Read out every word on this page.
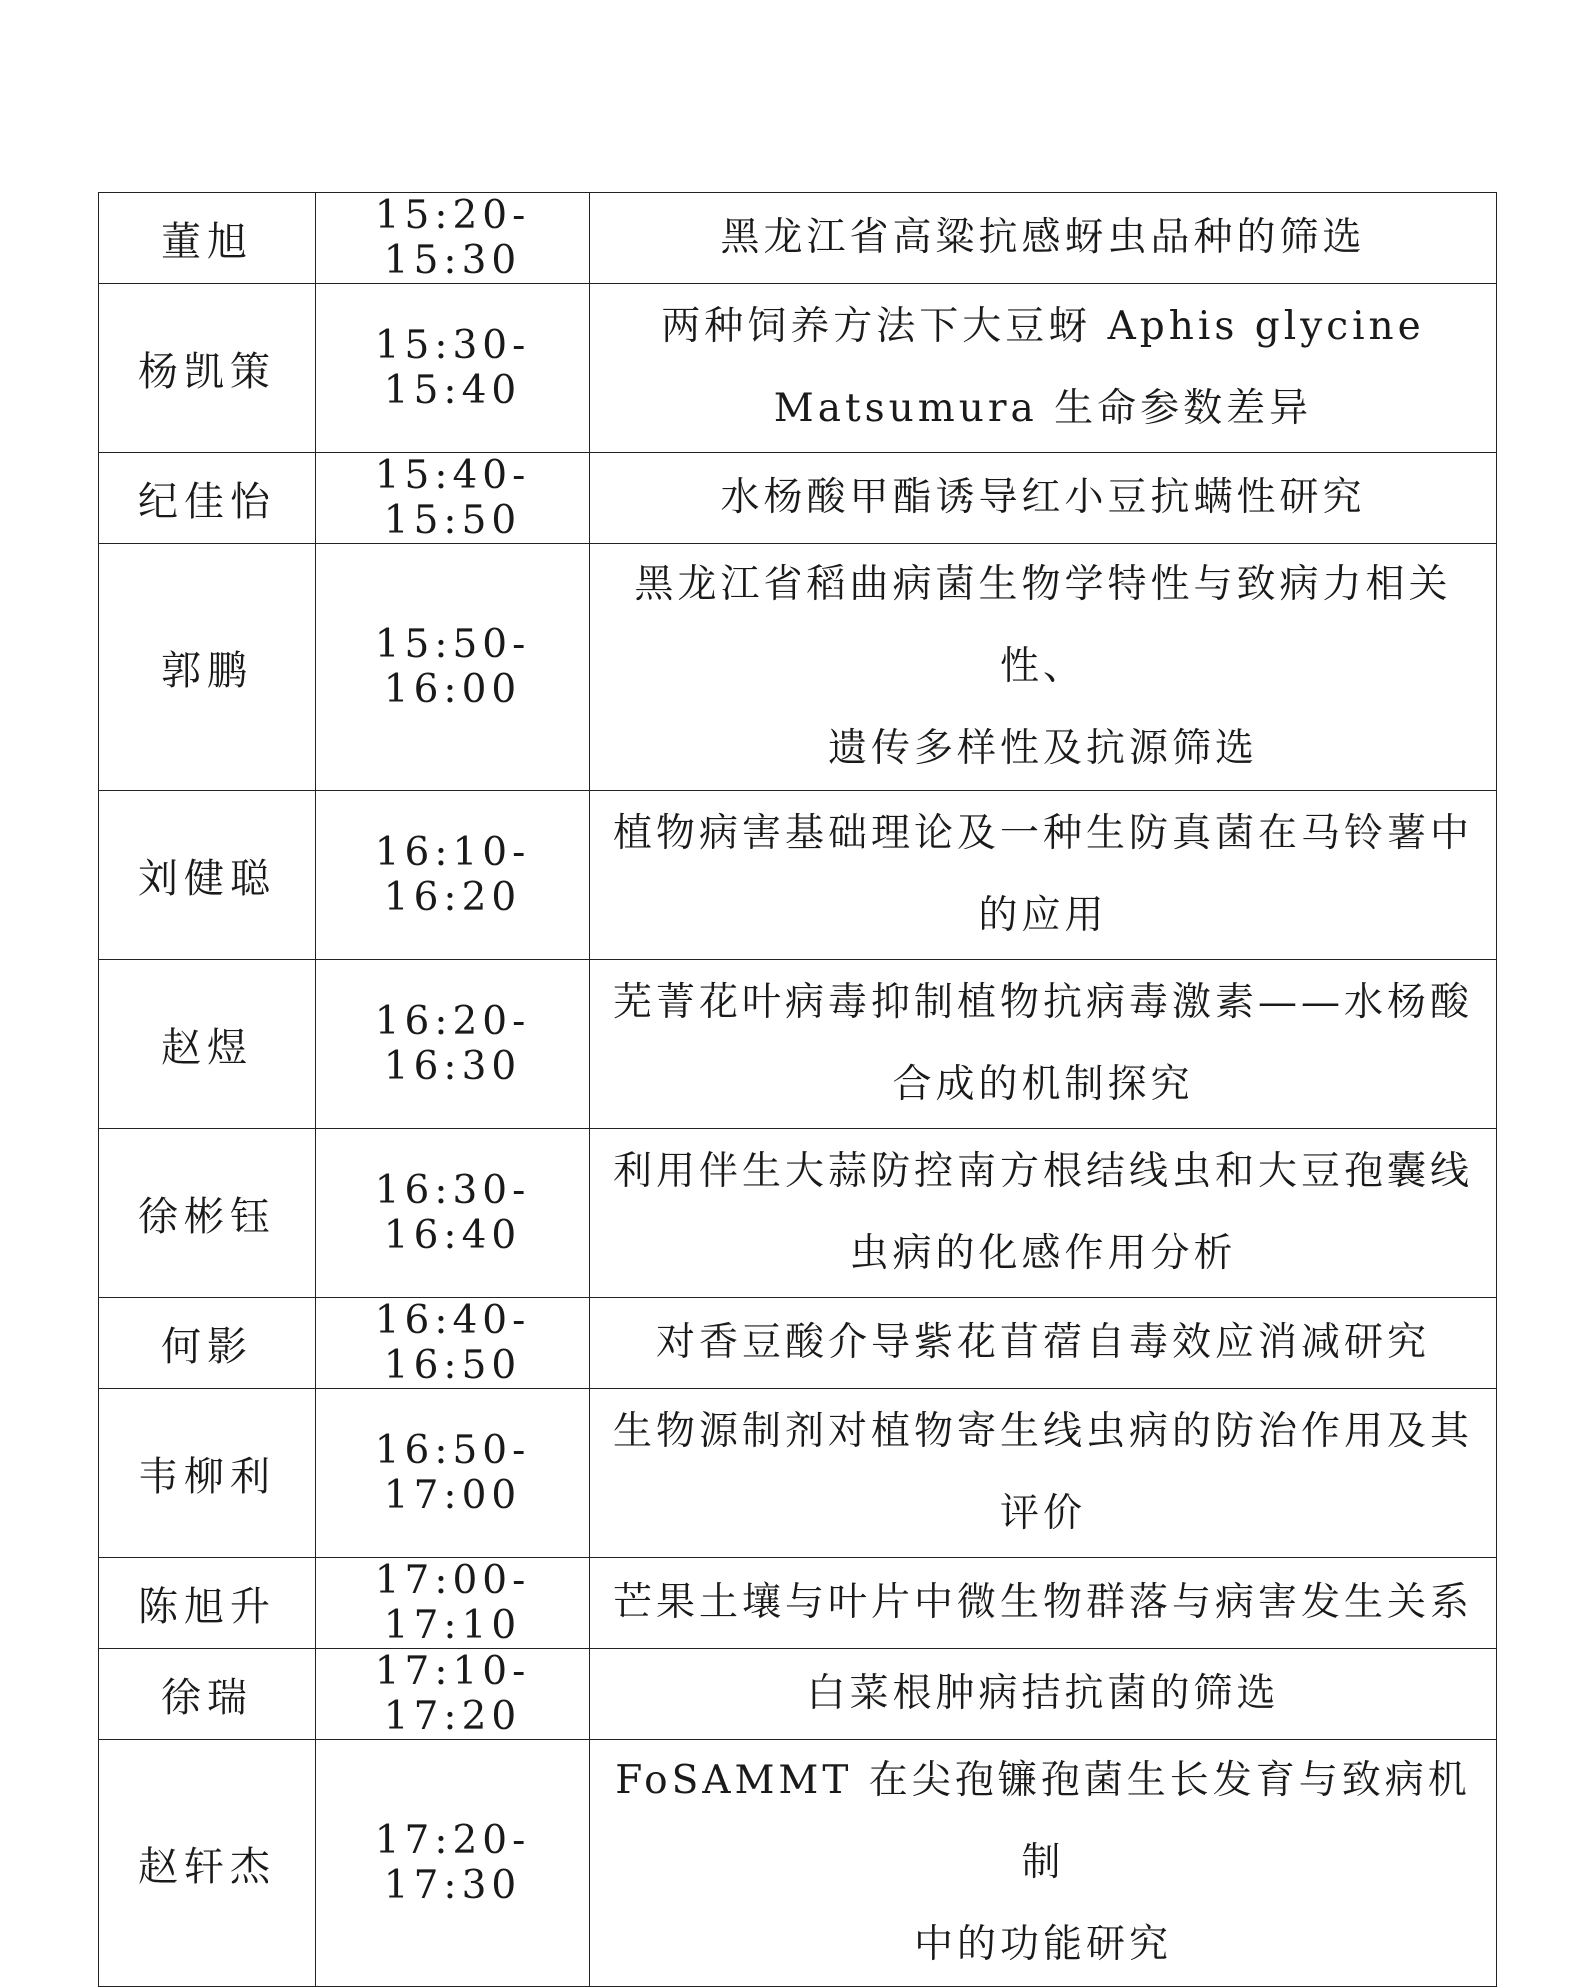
董旭	15:20-15:30	黑龙江省高粱抗感蚜虫品种的筛选

杨凯策	15:30-15:40	两种饲养方法下大豆蚜 Aphis glycine
Matsumura 生命参数差异

纪佳怡	15:40-15:50	水杨酸甲酯诱导红小豆抗螨性研究

郭鹏	15:50-16:00	黑龙江省稻曲病菌生物学特性与致病力相关性、
遗传多样性及抗源筛选

刘健聪	16:10-16:20	植物病害基础理论及一种生防真菌在马铃薯中
的应用

赵煜	16:20-16:30	芜菁花叶病毒抑制植物抗病毒激素——水杨酸
合成的机制探究

徐彬钰	16:30-16:40	利用伴生大蒜防控南方根结线虫和大豆孢囊线
虫病的化感作用分析

何影	16:40-16:50	对香豆酸介导紫花苜蓿自毒效应消减研究

韦柳利	16:50-17:00	生物源制剂对植物寄生线虫病的防治作用及其
评价

陈旭升	17:00-17:10	芒果土壤与叶片中微生物群落与病害发生关系

徐瑞	17:10-17:20	白菜根肿病拮抗菌的筛选

赵轩杰	17:20-17:30	FoSAMMT 在尖孢镰孢菌生长发育与致病机制
中的功能研究
